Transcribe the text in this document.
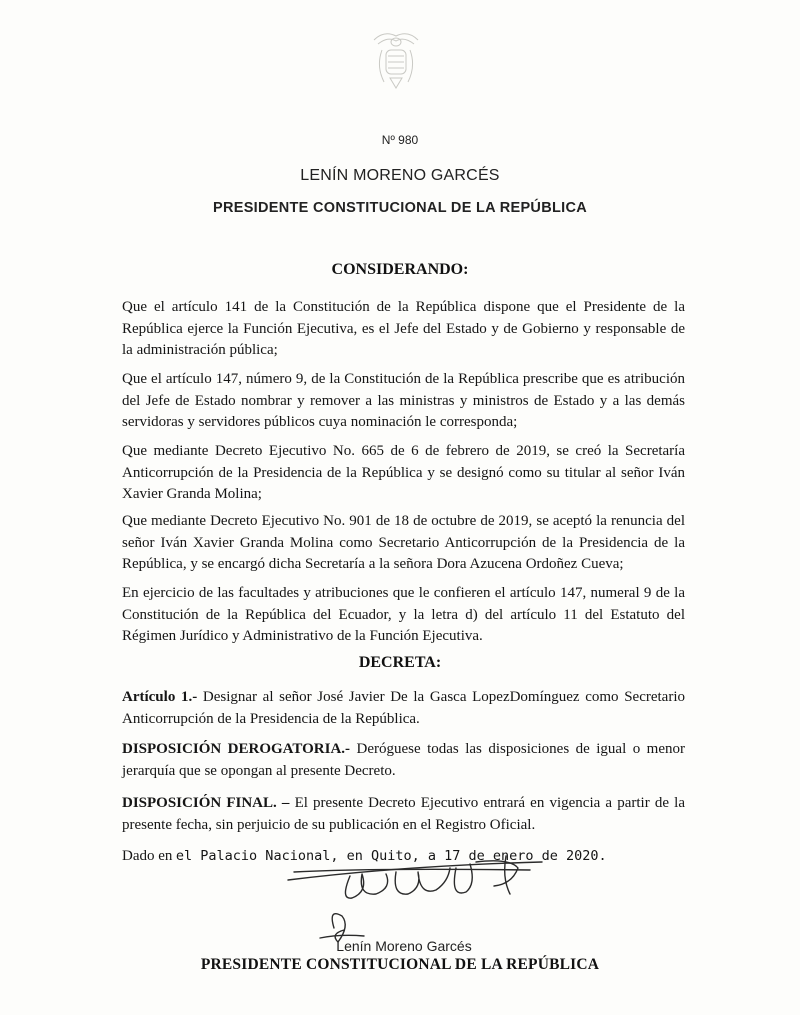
Nº 980
LENÍN MORENO GARCÉS
PRESIDENTE CONSTITUCIONAL DE LA REPÚBLICA
CONSIDERANDO:

Que el artículo 141 de la Constitución de la República dispone que el Presidente de la República ejerce la Función Ejecutiva, es el Jefe del Estado y de Gobierno y responsable de la administración pública;

Que el artículo 147, número 9, de la Constitución de la República prescribe que es atribución del Jefe de Estado nombrar y remover a las ministras y ministros de Estado y a las demás servidoras y servidores públicos cuya nominación le corresponda;

Que mediante Decreto Ejecutivo No. 665 de 6 de febrero de 2019, se creó la Secretaría Anticorrupción de la Presidencia de la República y se designó como su titular al señor Iván Xavier Granda Molina;

Que mediante Decreto Ejecutivo No. 901 de 18 de octubre de 2019, se aceptó la renuncia del señor Iván Xavier Granda Molina como Secretario Anticorrupción de la Presidencia de la República, y se encargó dicha Secretaría a la señora Dora Azucena Ordoñez Cueva;

En ejercicio de las facultades y atribuciones que le confieren el artículo 147, numeral 9 de la Constitución de la República del Ecuador, y la letra d) del artículo 11 del Estatuto del Régimen Jurídico y Administrativo de la Función Ejecutiva.

DECRETA:

Artículo 1.- Designar al señor José Javier De la Gasca LopezDomínguez como Secretario Anticorrupción de la Presidencia de la República.

DISPOSICIÓN DEROGATORIA.- Deróguese todas las disposiciones de igual o menor jerarquía que se opongan al presente Decreto.

DISPOSICIÓN FINAL. – El presente Decreto Ejecutivo entrará en vigencia a partir de la presente fecha, sin perjuicio de su publicación en el Registro Oficial.

Dado en el Palacio Nacional, en Quito, a 17 de enero de 2020.
Lenín Moreno Garcés
PRESIDENTE CONSTITUCIONAL DE LA REPÚBLICA
